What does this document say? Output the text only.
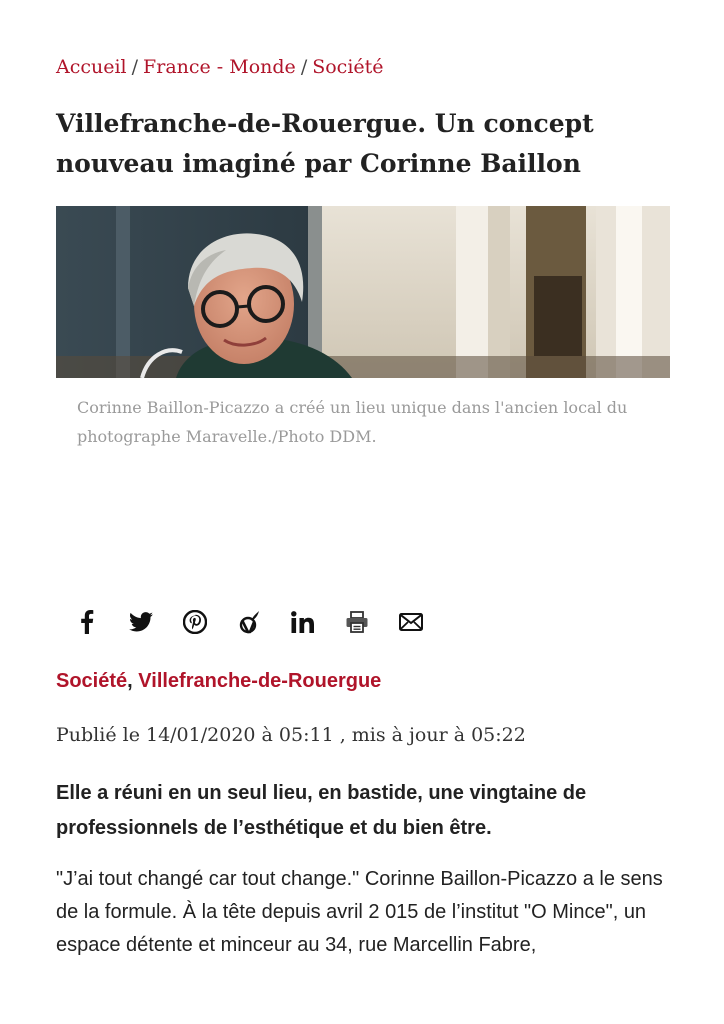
Accueil / France - Monde / Société
Villefranche-de-Rouergue. Un concept nouveau imaginé par Corinne Baillon
Corinne Baillon-Picazzo a créé un lieu unique dans l'ancien local du photographe Maravelle./Photo DDM.
Société, Villefranche-de-Rouergue
Publié le 14/01/2020 à 05:11 , mis à jour à 05:22

Elle a réuni en un seul lieu, en bastide, une vingtaine de professionnels de l’esthétique et du bien être.

"J’ai tout changé car tout change." Corinne Baillon-Picazzo a le sens de la formule. À la tête depuis avril 2 015 de l’institut "O Mince", un espace détente et minceur au 34, rue Marcellin Fabre,
